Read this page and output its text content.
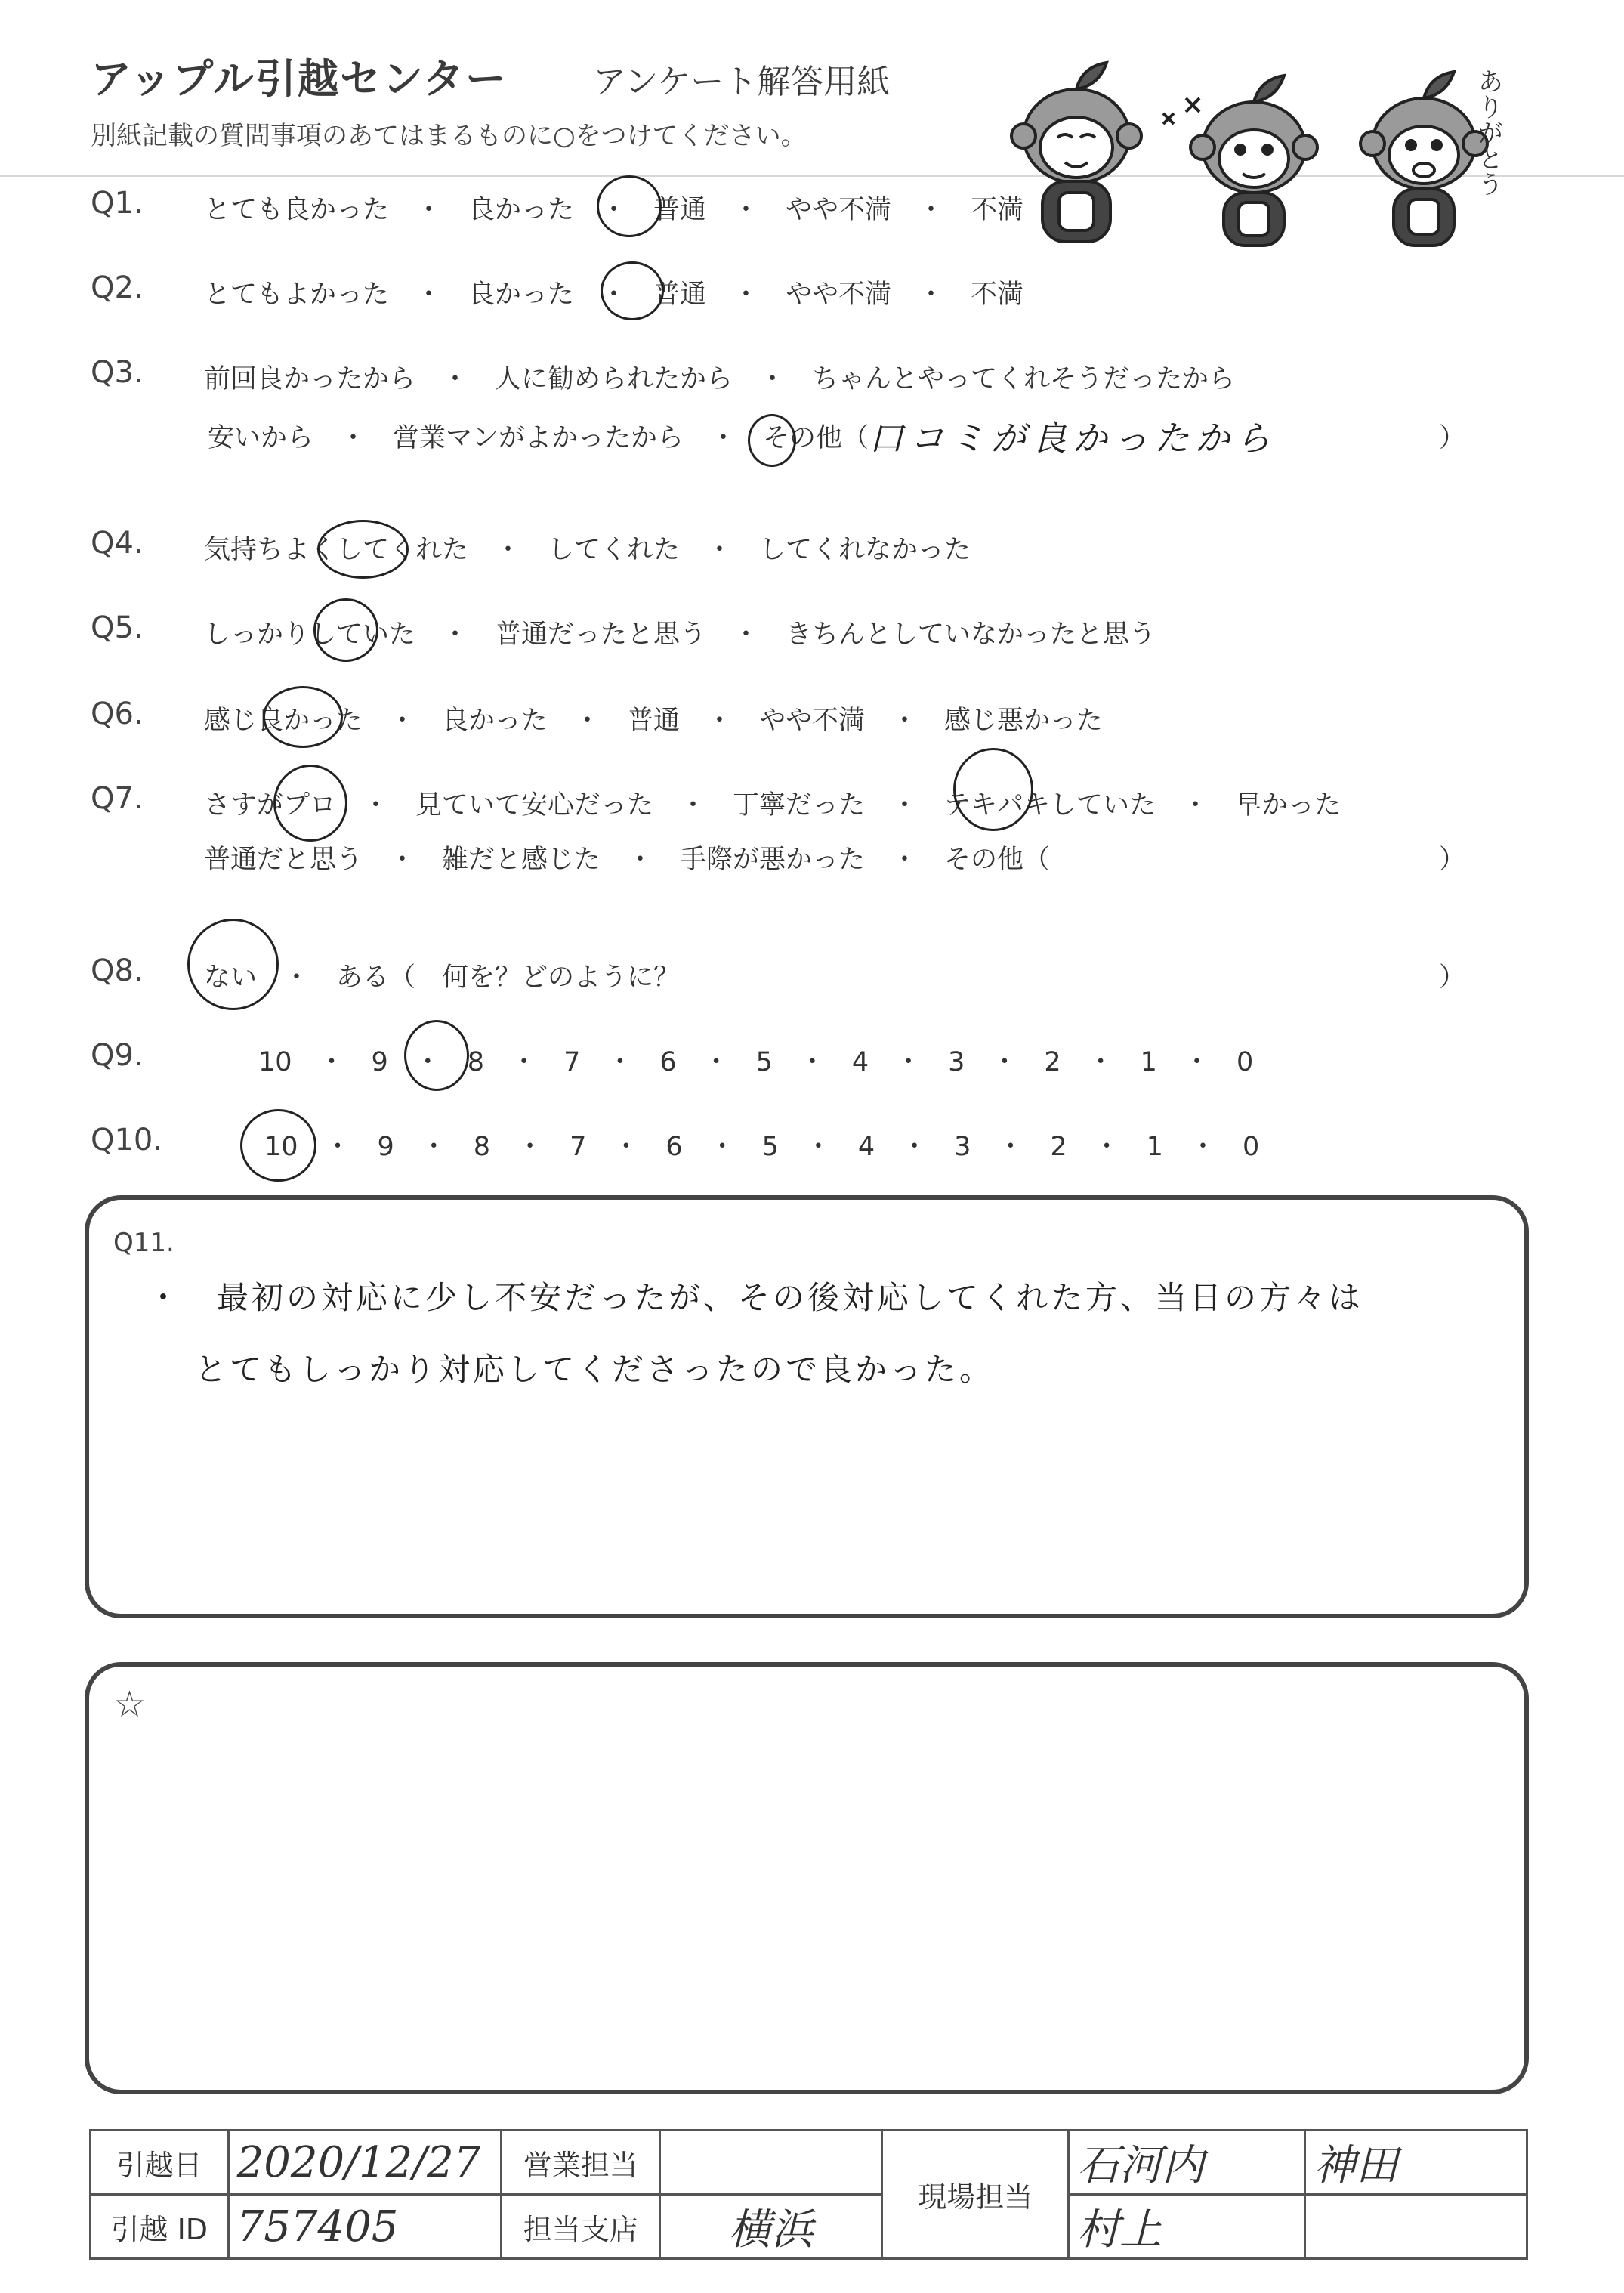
アップル引越センター	アンケート解答用紙
別紙記載の質問事項のあてはまるものに○をつけてください。	ありがとう
Q1. とても良かった　・　良かった　・　普通　・　やや不満　・　不満
Q2. とてもよかった　・　良かった　・　普通　・　やや不満　・　不満
Q3. 前回良かったから　・　人に勧められたから　・　ちゃんとやってくれそうだったから
安いから　・　営業マンがよかったから　・　その他（ 口コミが良かったから	）
Q4. 気持ちよくしてくれた　・　してくれた　・　してくれなかった
Q5. しっかりしていた　・　普通だったと思う　・　きちんとしていなかったと思う
Q6. 感じ良かった　・　良かった　・　普通　・　やや不満　・　感じ悪かった
Q7. さすがプロ　・　見ていて安心だった　・　丁寧だった　・　テキパキしていた　・　早かった
普通だと思う　・　雑だと感じた　・　手際が悪かった　・　その他（	）
Q8. ない　・　ある（　何を？どのように？	）
Q9.	10　・　9　・　8　・　7　・　6　・　5　・　4　・　3　・　2　・　1　・　0
Q10.	10　・　9　・　8　・　7　・　6　・　5　・　4　・　3　・　2　・　1　・　0
Q11.
・　最初の対応に少し不安だったが、その後対応してくれた方、当日の方々は
とてもしっかり対応してくださったので良かった。
☆
引越日	2020/12/27	営業担当		現場担当	石河内	神田
引越 ID	757405	担当支店	横浜		村上	
